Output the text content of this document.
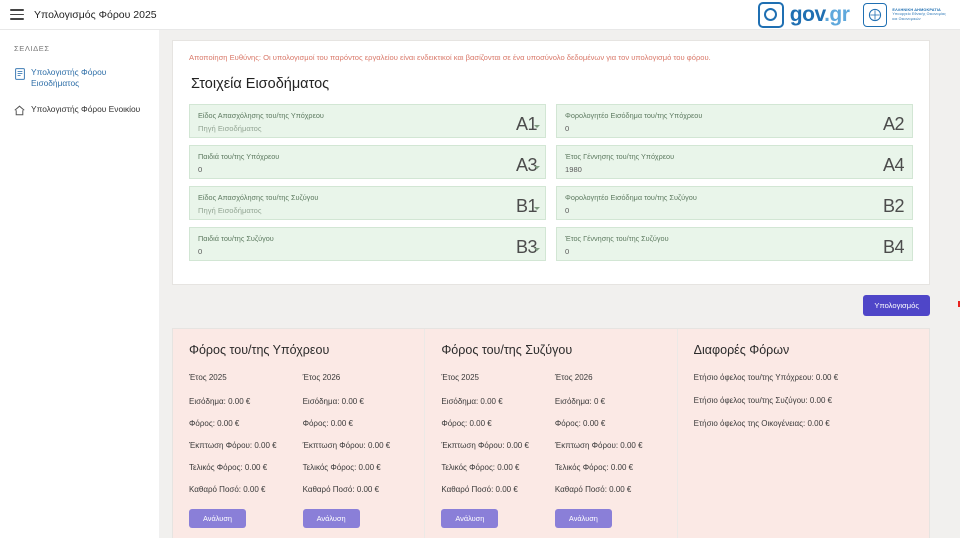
Υπολογισμός Φόρου 2025	gov.gr	ΕΛΛΗΝΙΚΗ ΔΗΜΟΚΡΑΤΙΑ
Υπουργείο Εθνικής Οικονομίας
και Οικονομικών
ΣΕΛΙΔΕΣ
Υπολογιστής Φόρου Εισοδήματος
Υπολογιστής Φόρου Ενοικίου
Αποποίηση Ευθύνης: Οι υπολογισμοί του παρόντος εργαλείου είναι ενδεικτικοί και βασίζονται σε ένα υποσύνολο δεδομένων για τον υπολογισμό του φόρου.
Στοιχεία Εισοδήματος
Είδος Απασχόλησης του/της Υπόχρεου
Πηγή Εισοδήματος	A1	Φορολογητέο Εισόδημα του/της Υπόχρεου
0	A2
Παιδιά του/της Υπόχρεου
0	A3	Έτος Γέννησης του/της Υπόχρεου
1980	A4
Είδος Απασχόλησης του/της Συζύγου
Πηγή Εισοδήματος	B1	Φορολογητέο Εισόδημα του/της Συζύγου
0	B2
Παιδιά του/της Συζύγου
0	B3	Έτος Γέννησης του/της Συζύγου
0	B4
Υπολογισμός
Φόρος του/της Υπόχρεου
Έτος 2025
Εισόδημα: 0.00 €
Φόρος: 0.00 €
Έκπτωση Φόρου: 0.00 €
Τελικός Φόρος: 0.00 €
Καθαρό Ποσό: 0.00 €
Ανάλυση
Έτος 2026
Εισόδημα: 0.00 €
Φόρος: 0.00 €
Έκπτωση Φόρου: 0.00 €
Τελικός Φόρος: 0.00 €
Καθαρό Ποσό: 0.00 €
Ανάλυση
Φόρος του/της Συζύγου
Έτος 2025
Εισόδημα: 0.00 €
Φόρος: 0.00 €
Έκπτωση Φόρου: 0.00 €
Τελικός Φόρος: 0.00 €
Καθαρό Ποσό: 0.00 €
Ανάλυση
Έτος 2026
Εισόδημα: 0 €
Φόρος: 0.00 €
Έκπτωση Φόρου: 0.00 €
Τελικός Φόρος: 0.00 €
Καθαρό Ποσό: 0.00 €
Ανάλυση
Διαφορές Φόρων
Ετήσιο όφελος του/της Υπόχρεου: 0.00 €
Ετήσιο όφελος του/της Συζύγου: 0.00 €
Ετήσιο όφελος της Οικογένειας: 0.00 €
